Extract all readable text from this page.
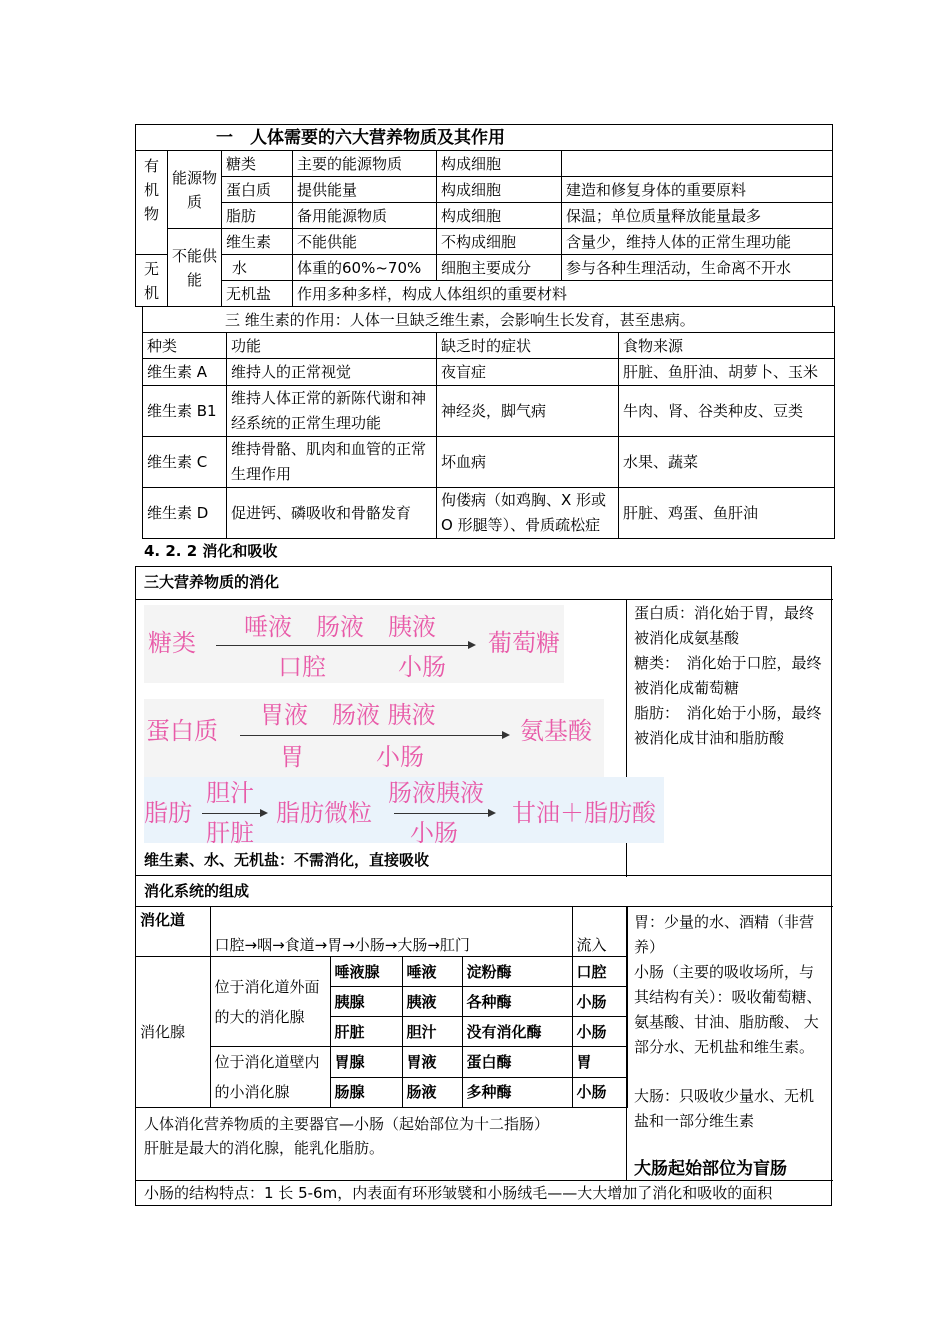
一　人体需要的六大营养物质及其作用					
有机物	能源物质	糖类	主要的能源物质	构成细胞	
		蛋白质	提供能量	构成细胞	建造和修复身体的重要原料
		脂肪	备用能源物质	构成细胞	保温；单位质量释放能量最多
	不能供能	维生素	不能供能	不构成细胞	含量少，维持人体的正常生理功能
无机		水	体重的60%~70%	细胞主要成分	参与各种生理活动，生命离不开水
		无机盐	作用多种多样，构成人体组织的重要材料		
三 维生素的作用：人体一旦缺乏维生素，会影响生长发育，甚至患病。			
种类	功能	缺乏时的症状	食物来源
维生素 A	维持人的正常视觉	夜盲症	肝脏、鱼肝油、胡萝卜、玉米
维生素 B1	维持人体正常的新陈代谢和神经系统的正常生理功能	神经炎，脚气病	牛肉、肾、谷类种皮、豆类
维生素 C	维持骨骼、肌肉和血管的正常生理作用	坏血病	水果、蔬菜
维生素 D	促进钙、磷吸收和骨骼发育	佝偻病（如鸡胸、X 形或 O 形腿等）、骨质疏松症	肝脏、鸡蛋、鱼肝油
4. 2. 2 消化和吸收
三大营养物质的消化
糖类
唾液　肠液　胰液
口腔　　　小肠
葡萄糖
蛋白质
胃液　肠液 胰液
胃　　　小肠
氨基酸
脂肪
胆汁
肝脏
脂肪微粒
肠液胰液
小肠
甘油＋脂肪酸
维生素、水、无机盐：不需消化，直接吸收
蛋白质：消化始于胃，最终被消化成氨基酸
糖类：　消化始于口腔，最终被消化成葡萄糖
脂肪：　消化始于小肠，最终被消化成甘油和脂肪酸
消化系统的组成
消化道	口腔→咽→食道→胃→小肠→大肠→肛门				流入
消化腺	位于消化道外面的大的消化腺	唾液腺	唾液	淀粉酶	口腔
		胰腺	胰液	各种酶	小肠
		肝脏	胆汁	没有消化酶	小肠
	位于消化道壁内的小消化腺	胃腺	胃液	蛋白酶	胃
		肠腺	肠液	多种酶	小肠
人体消化营养物质的主要器官—小肠（起始部位为十二指肠）
肝脏是最大的消化腺，能乳化脂肪。
胃：少量的水、酒精（非营养）
小肠（主要的吸收场所，与其结构有关）：吸收葡萄糖、氨基酸、甘油、脂肪酸、 大部分水、无机盐和维生素。
大肠：只吸收少量水、无机盐和一部分维生素
大肠起始部位为盲肠
小肠的结构特点：1 长 5-6m，内表面有环形皱襞和小肠绒毛——大大增加了消化和吸收的面积
